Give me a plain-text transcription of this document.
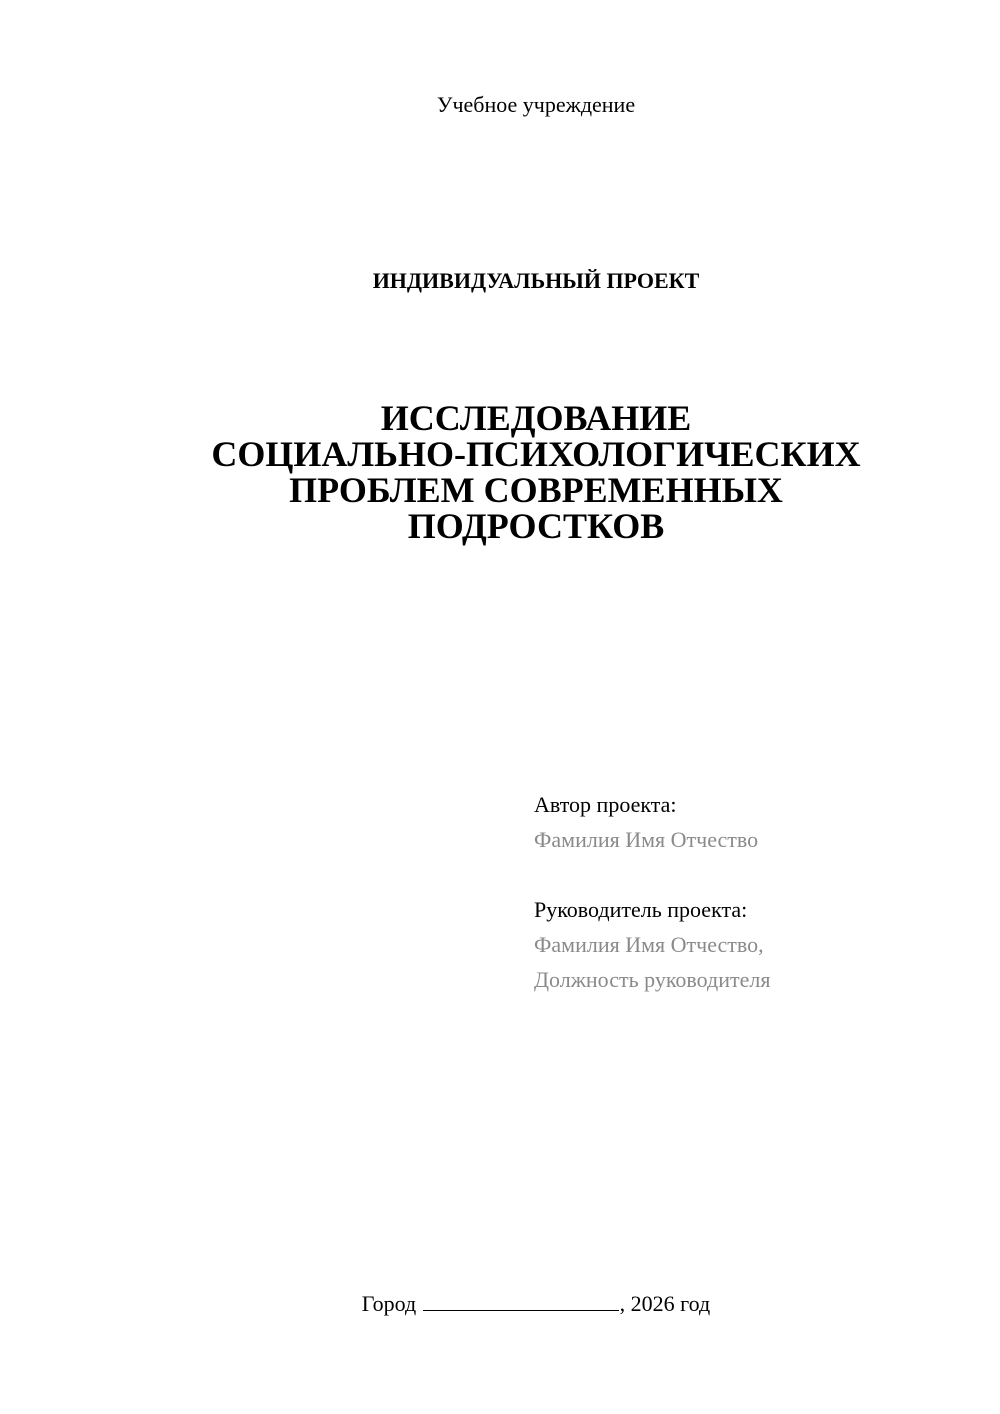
Учебное учреждение
ИНДИВИДУАЛЬНЫЙ ПРОЕКТ
ИССЛЕДОВАНИЕ
СОЦИАЛЬНО-ПСИХОЛОГИЧЕСКИХ
ПРОБЛЕМ СОВРЕМЕННЫХ
ПОДРОСТКОВ
Автор проекта:
Фамилия Имя Отчество
Руководитель проекта:
Фамилия Имя Отчество,
Должность руководителя
Город	, 2026 год
